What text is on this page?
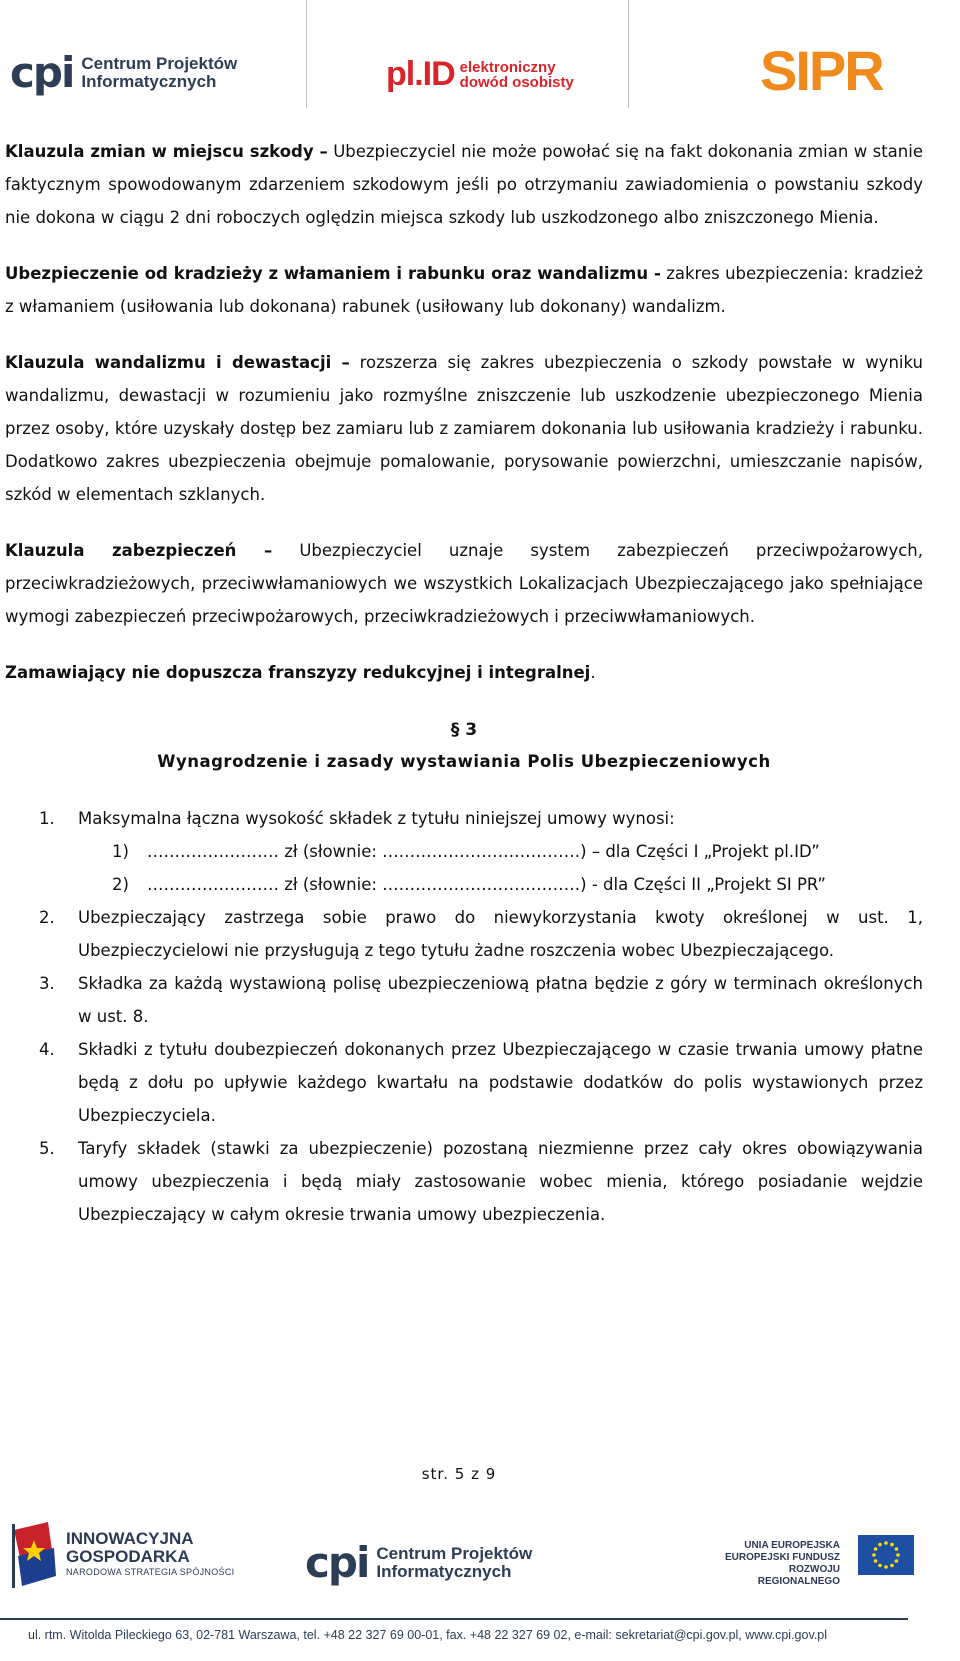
cpi Centrum Projektów
Informatycznych	pl.ID elektroniczny
dowód osobisty	SIPR

Klauzula zmian w miejscu szkody – Ubezpieczyciel nie może powołać się na fakt dokonania zmian w stanie faktycznym spowodowanym zdarzeniem szkodowym jeśli po otrzymaniu zawiadomienia o powstaniu szkody nie dokona w ciągu 2 dni roboczych oględzin miejsca szkody lub uszkodzonego albo zniszczonego Mienia.

Ubezpieczenie od kradzieży z włamaniem i rabunku oraz wandalizmu - zakres ubezpieczenia: kradzież z włamaniem (usiłowania lub dokonana) rabunek (usiłowany lub dokonany) wandalizm.

Klauzula wandalizmu i dewastacji – rozszerza się zakres ubezpieczenia o szkody powstałe w wyniku wandalizmu, dewastacji w rozumieniu jako rozmyślne zniszczenie lub uszkodzenie ubezpieczonego Mienia przez osoby, które uzyskały dostęp bez zamiaru lub z zamiarem dokonania lub usiłowania kradzieży i rabunku. Dodatkowo zakres ubezpieczenia obejmuje pomalowanie, porysowanie powierzchni, umieszczanie napisów, szkód w elementach szklanych.

Klauzula zabezpieczeń – Ubezpieczyciel uznaje system zabezpieczeń przeciwpożarowych, przeciwkradzieżowych, przeciwwłamaniowych we wszystkich Lokalizacjach Ubezpieczającego jako spełniające wymogi zabezpieczeń przeciwpożarowych, przeciwkradzieżowych i przeciwwłamaniowych.

Zamawiający nie dopuszcza franszyzy redukcyjnej i integralnej.

§ 3

Wynagrodzenie i zasady wystawiania Polis Ubezpieczeniowych

1. Maksymalna łączna wysokość składek z tytułu niniejszej umowy wynosi:
1) …………………… zł (słownie: ………………………………) – dla Części I „Projekt pl.ID”
2) …………………… zł (słownie: ………………………………) - dla Części II „Projekt SI PR”
2. Ubezpieczający zastrzega sobie prawo do niewykorzystania kwoty określonej w ust. 1, Ubezpieczycielowi nie przysługują z tego tytułu żadne roszczenia wobec Ubezpieczającego.
3. Składka za każdą wystawioną polisę ubezpieczeniową płatna będzie z góry w terminach określonych w ust. 8.
4. Składki z tytułu doubezpieczeń dokonanych przez Ubezpieczającego w czasie trwania umowy płatne będą z dołu po upływie każdego kwartału na podstawie dodatków do polis wystawionych przez Ubezpieczyciela.
5. Taryfy składek (stawki za ubezpieczenie) pozostaną niezmienne przez cały okres obowiązywania umowy ubezpieczenia i będą miały zastosowanie wobec mienia, którego posiadanie wejdzie Ubezpieczający w całym okresie trwania umowy ubezpieczenia.
str. 5 z 9
INNOWACYJNA
GOSPODARKA
NARODOWA STRATEGIA SPÓJNOŚCI cpi Centrum Projektów
Informatycznych
UNIA EUROPEJSKA
EUROPEJSKI FUNDUSZ
ROZWOJU REGIONALNEGO
ul. rtm. Witolda Pileckiego 63, 02-781 Warszawa, tel. +48 22 327 69 00-01, fax. +48 22 327 69 02, e-mail: sekretariat@cpi.gov.pl, www.cpi.gov.pl
